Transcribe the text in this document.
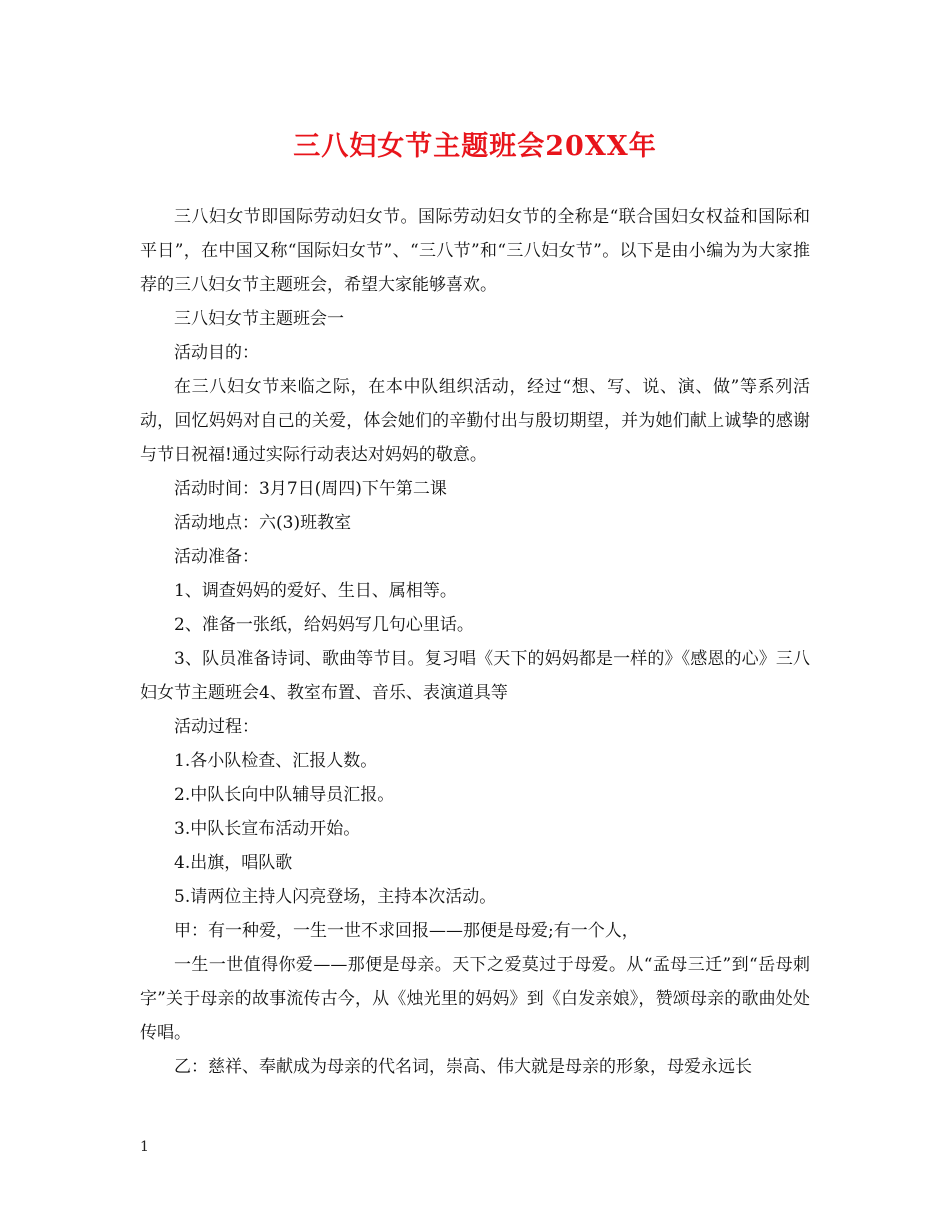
三八妇女节主题班会20XX年

三八妇女节即国际劳动妇女节。国际劳动妇女节的全称是“联合国妇女权益和国际和平日”，在中国又称“国际妇女节”、“三八节”和“三八妇女节”。以下是由小编为为大家推荐的三八妇女节主题班会，希望大家能够喜欢。

三八妇女节主题班会一

活动目的：

在三八妇女节来临之际，在本中队组织活动，经过“想、写、说、演、做”等系列活动，回忆妈妈对自己的关爱，体会她们的辛勤付出与殷切期望，并为她们献上诚挚的感谢与节日祝福!通过实际行动表达对妈妈的敬意。

活动时间：3月7日(周四)下午第二课

活动地点：六(3)班教室

活动准备：

1、调查妈妈的爱好、生日、属相等。

2、准备一张纸，给妈妈写几句心里话。

3、队员准备诗词、歌曲等节目。复习唱《天下的妈妈都是一样的》《感恩的心》三八妇女节主题班会4、教室布置、音乐、表演道具等

活动过程：

1.各小队检查、汇报人数。

2.中队长向中队辅导员汇报。

3.中队长宣布活动开始。

4.出旗，唱队歌

5.请两位主持人闪亮登场，主持本次活动。

甲：有一种爱，一生一世不求回报——那便是母爱;有一个人，

一生一世值得你爱——那便是母亲。天下之爱莫过于母爱。从“孟母三迁”到“岳母刺字”关于母亲的故事流传古今，从《烛光里的妈妈》到《白发亲娘》，赞颂母亲的歌曲处处传唱。

乙：慈祥、奉献成为母亲的代名词，崇高、伟大就是母亲的形象，母爱永远长

1
